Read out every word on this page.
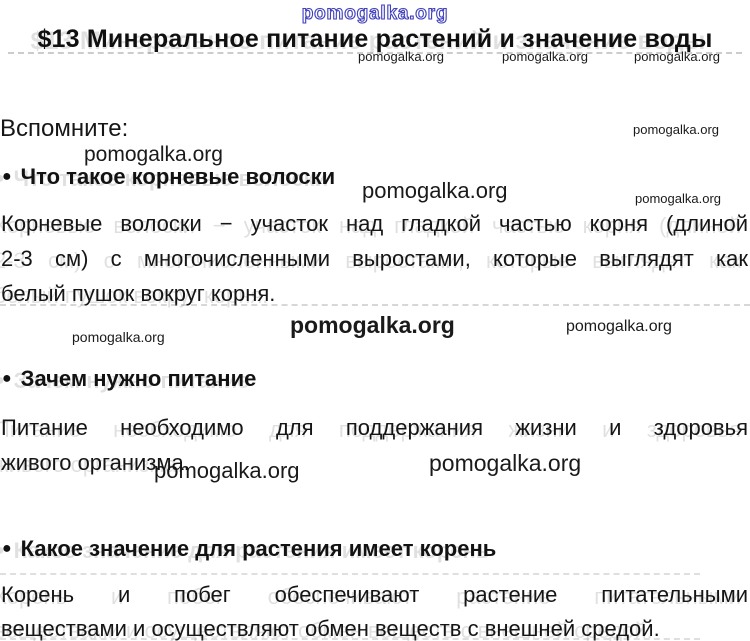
pomogalka.org
$13 Минеральное питание растений и значение воды
pomogalka.org	pomogalka.org	pomogalka.org
pomogalka.org
pomogalka.org
pomogalka.org	pomogalka.org
pomogalka.org	pomogalka.org	pomogalka.org
pomogalka.org	pomogalka.org
Вспомните:
● Что такое корневые волоски
Корневые волоски − участок над гладкой частью корня (длиной
2-3 см) с многочисленными выростами, которые выглядят как
белый пушок вокруг корня.
● Зачем нужно питание
Питание необходимо для поддержания жизни и здоровья
живого организма.
● Какое значение для растения имеет корень
Корень и побег обеспечивают растение питательными
веществами и осуществляют обмен веществ с внешней средой.
